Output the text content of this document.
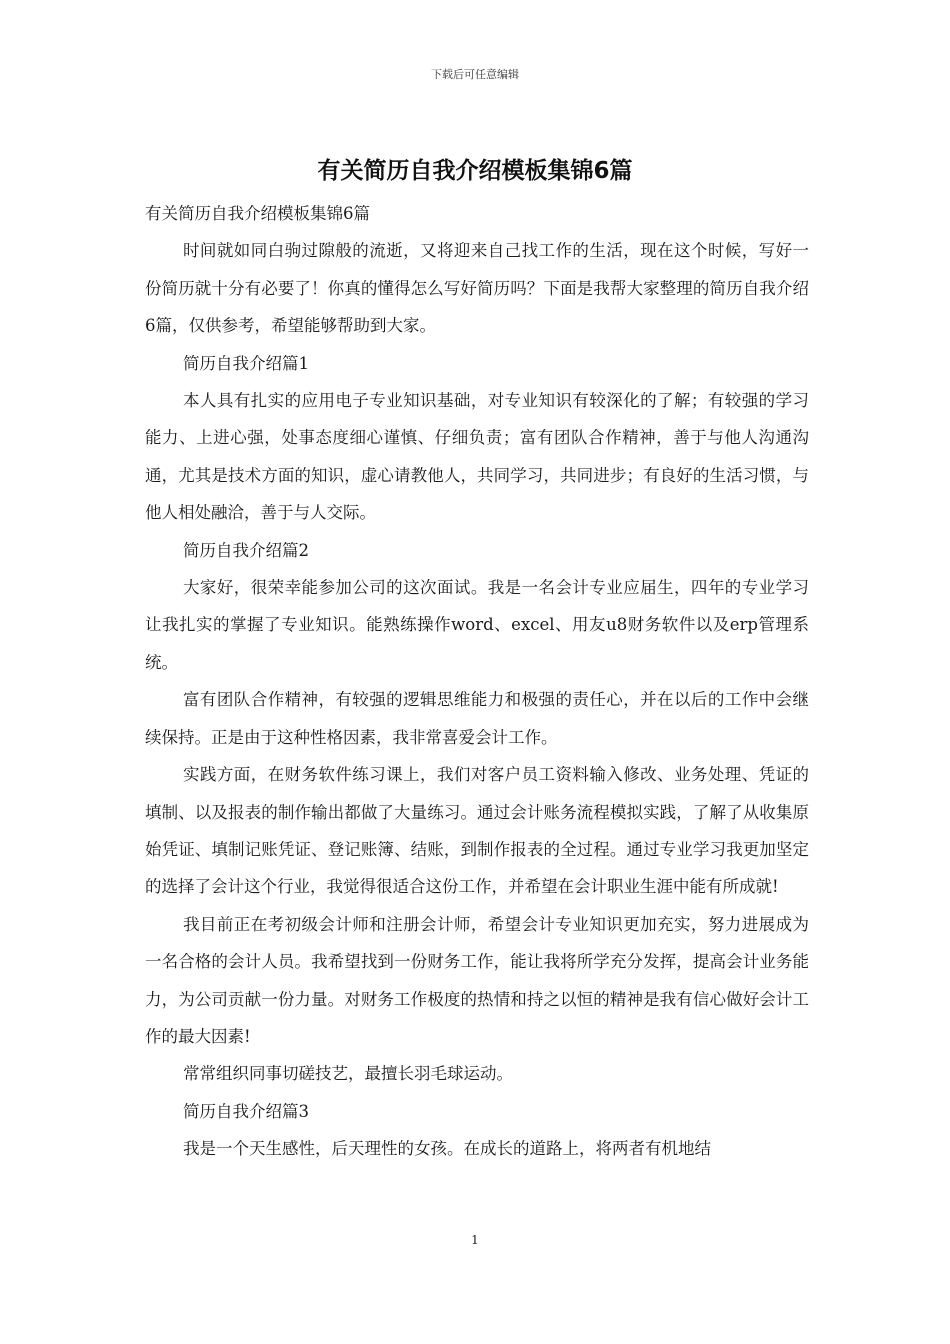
下载后可任意编辑
有关简历自我介绍模板集锦6篇

有关简历自我介绍模板集锦6篇

时间就如同白驹过隙般的流逝，又将迎来自己找工作的生活，现在这个时候，写好一份简历就十分有必要了！你真的懂得怎么写好简历吗？下面是我帮大家整理的简历自我介绍6篇，仅供参考，希望能够帮助到大家。

简历自我介绍篇1

本人具有扎实的应用电子专业知识基础，对专业知识有较深化的了解；有较强的学习能力、上进心强，处事态度细心谨慎、仔细负责；富有团队合作精神，善于与他人沟通沟通，尤其是技术方面的知识，虚心请教他人，共同学习，共同进步；有良好的生活习惯，与他人相处融洽，善于与人交际。

简历自我介绍篇2

大家好，很荣幸能参加公司的这次面试。我是一名会计专业应届生，四年的专业学习让我扎实的掌握了专业知识。能熟练操作word、excel、用友u8财务软件以及erp管理系统。

富有团队合作精神，有较强的逻辑思维能力和极强的责任心，并在以后的工作中会继续保持。正是由于这种性格因素，我非常喜爱会计工作。

实践方面，在财务软件练习课上，我们对客户员工资料输入修改、业务处理、凭证的填制、以及报表的制作输出都做了大量练习。通过会计账务流程模拟实践，了解了从收集原始凭证、填制记账凭证、登记账簿、结账，到制作报表的全过程。通过专业学习我更加坚定的选择了会计这个行业，我觉得很适合这份工作，并希望在会计职业生涯中能有所成就!

我目前正在考初级会计师和注册会计师，希望会计专业知识更加充实，努力进展成为一名合格的会计人员。我希望找到一份财务工作，能让我将所学充分发挥，提高会计业务能力，为公司贡献一份力量。对财务工作极度的热情和持之以恒的精神是我有信心做好会计工作的最大因素!

常常组织同事切磋技艺，最擅长羽毛球运动。

简历自我介绍篇3

我是一个天生感性，后天理性的女孩。在成长的道路上，将两者有机地结

1
